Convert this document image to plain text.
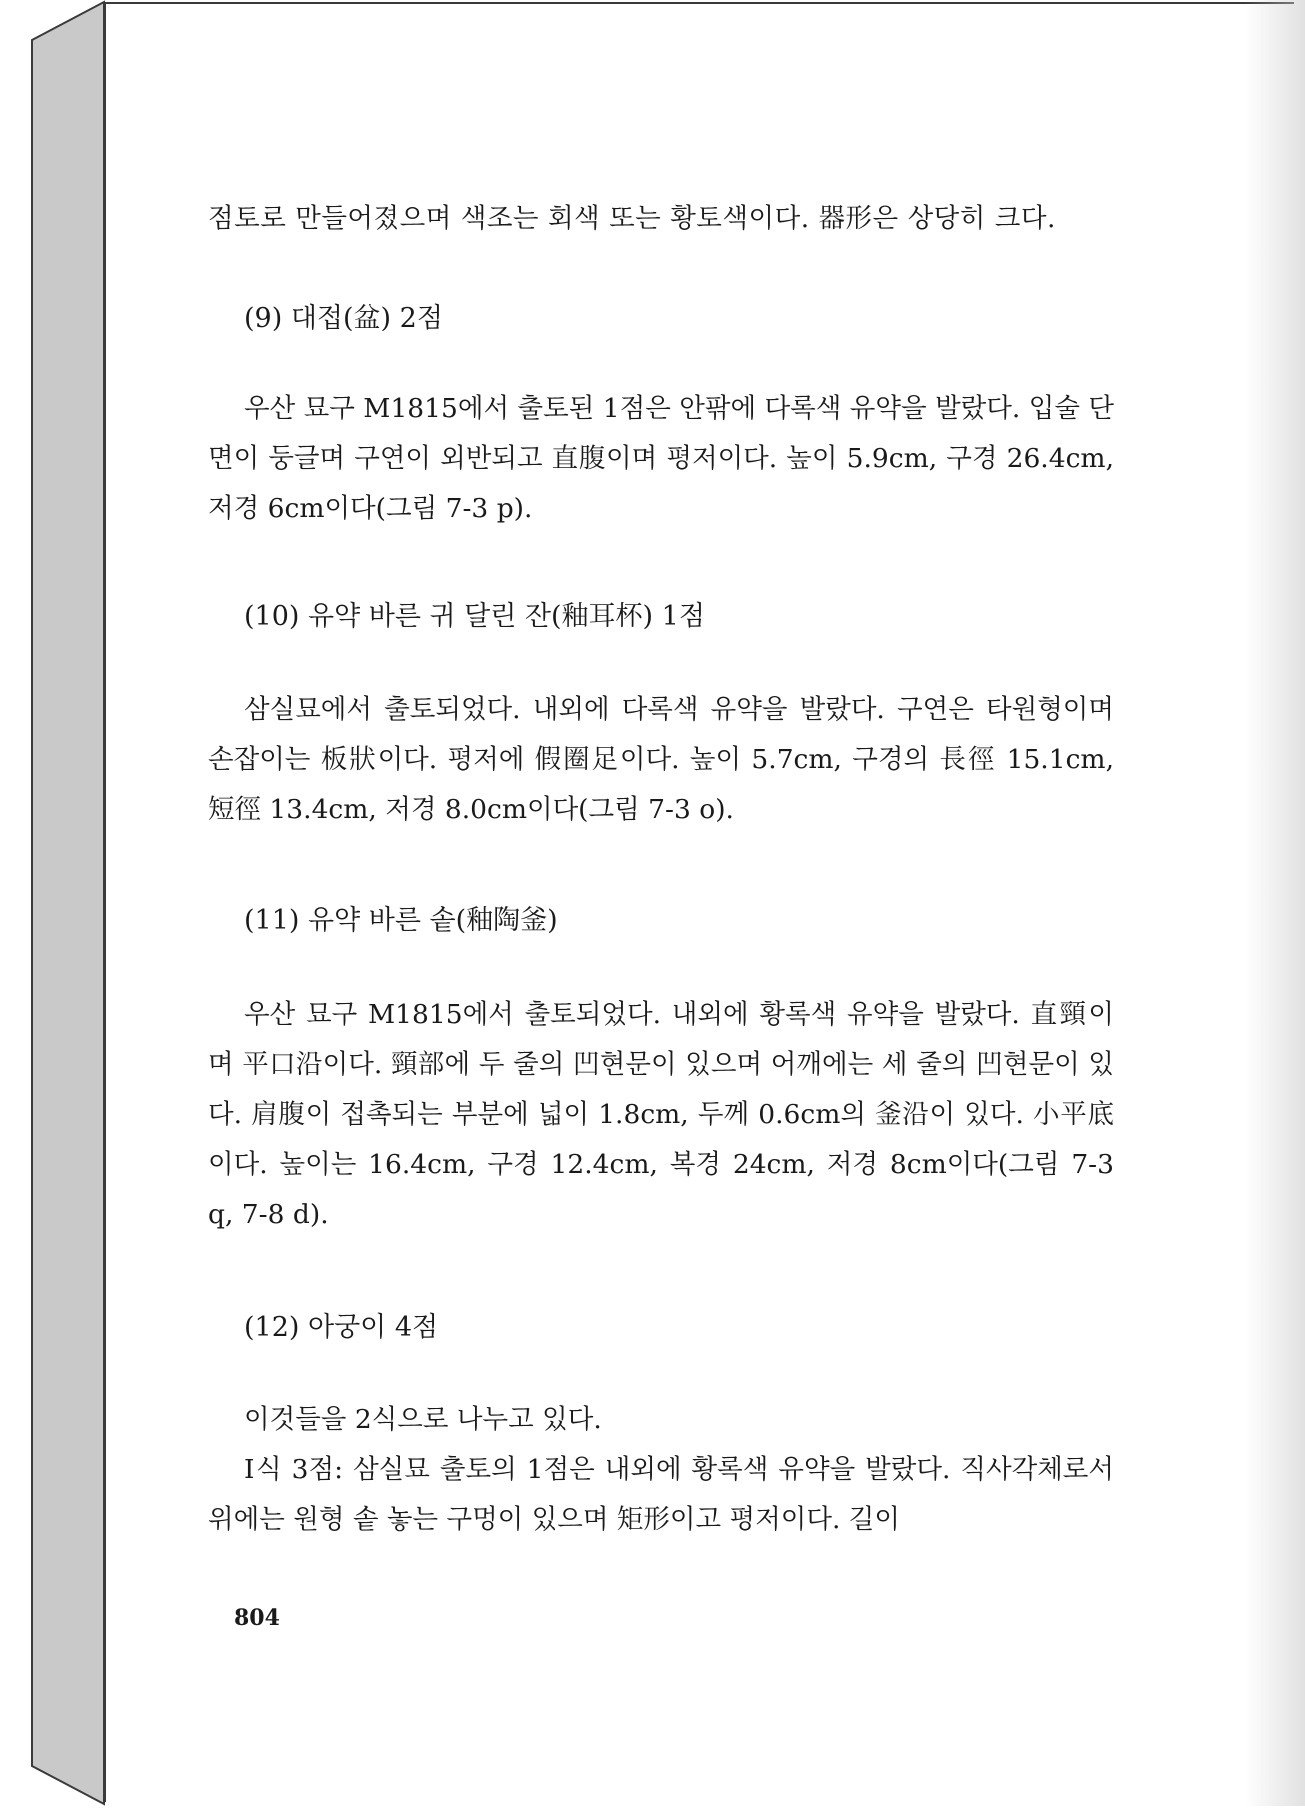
점토로 만들어졌으며 색조는 회색 또는 황토색이다. 器形은 상당히 크다.
(9) 대접(盆) 2점
우산 묘구 M1815에서 출토된 1점은 안팎에 다록색 유약을 발랐다. 입술 단면이 둥글며 구연이 외반되고 直腹이며 평저이다. 높이 5.9cm, 구경 26.4cm, 저경 6cm이다(그림 7-3 p).
(10) 유약 바른 귀 달린 잔(釉耳杯) 1점
삼실묘에서 출토되었다. 내외에 다록색 유약을 발랐다. 구연은 타원형이며 손잡이는 板狀이다. 평저에 假圈足이다. 높이 5.7cm, 구경의 長徑 15.1cm, 短徑 13.4cm, 저경 8.0cm이다(그림 7-3 o).
(11) 유약 바른 솥(釉陶釜)
우산 묘구 M1815에서 출토되었다. 내외에 황록색 유약을 발랐다. 直頸이며 平口沿이다. 頸部에 두 줄의 凹현문이 있으며 어깨에는 세 줄의 凹현문이 있다. 肩腹이 접촉되는 부분에 넓이 1.8cm, 두께 0.6cm의 釜沿이 있다. 小平底이다. 높이는 16.4cm, 구경 12.4cm, 복경 24cm, 저경 8cm이다(그림 7-3 q, 7-8 d).
(12) 아궁이 4점
이것들을 2식으로 나누고 있다.
Ⅰ식 3점: 삼실묘 출토의 1점은 내외에 황록색 유약을 발랐다. 직사각체로서 위에는 원형 솥 놓는 구멍이 있으며 矩形이고 평저이다. 길이
804
